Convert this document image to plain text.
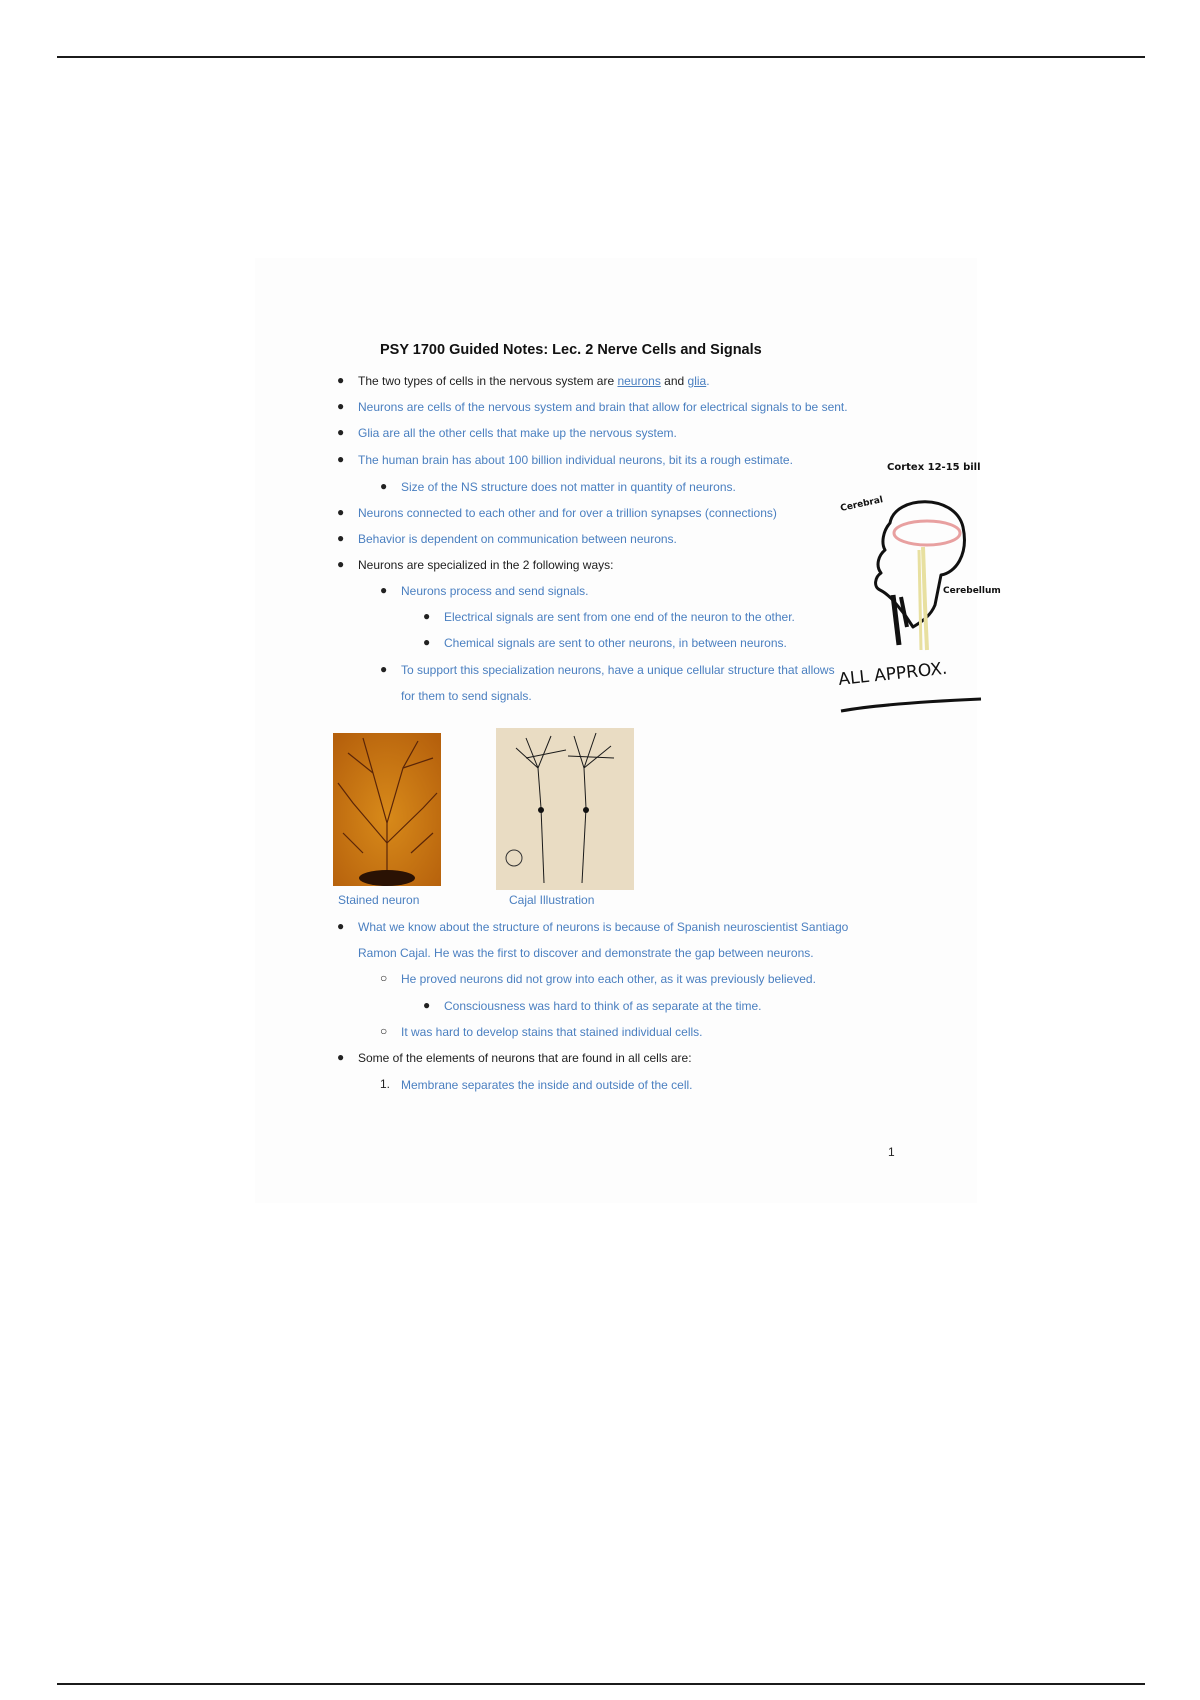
PSY 1700 Guided Notes: Lec. 2 Nerve Cells and Signals
● The two types of cells in the nervous system are neurons and glia.
● Neurons are cells of the nervous system and brain that allow for electrical signals to be sent.
● Glia are all the other cells that make up the nervous system.
● The human brain has about 100 billion individual neurons, bit its a rough estimate.
● Size of the NS structure does not matter in quantity of neurons.
● Neurons connected to each other and for over a trillion synapses (connections)
● Behavior is dependent on communication between neurons.
● Neurons are specialized in the 2 following ways:
● Neurons process and send signals.
● Electrical signals are sent from one end of the neuron to the other.
● Chemical signals are sent to other neurons, in between neurons.
● To support this specialization neurons, have a unique cellular structure that allows
for them to send signals.
Cortex 12-15 bill
Cerebral
Cerebellum
ALL APPROX.
Stained neuron	Cajal Illustration
● What we know about the structure of neurons is because of Spanish neuroscientist Santiago
Ramon Cajal. He was the first to discover and demonstrate the gap between neurons.
○ He proved neurons did not grow into each other, as it was previously believed.
● Consciousness was hard to think of as separate at the time.
○ It was hard to develop stains that stained individual cells.
● Some of the elements of neurons that are found in all cells are:
1. Membrane separates the inside and outside of the cell.
1
